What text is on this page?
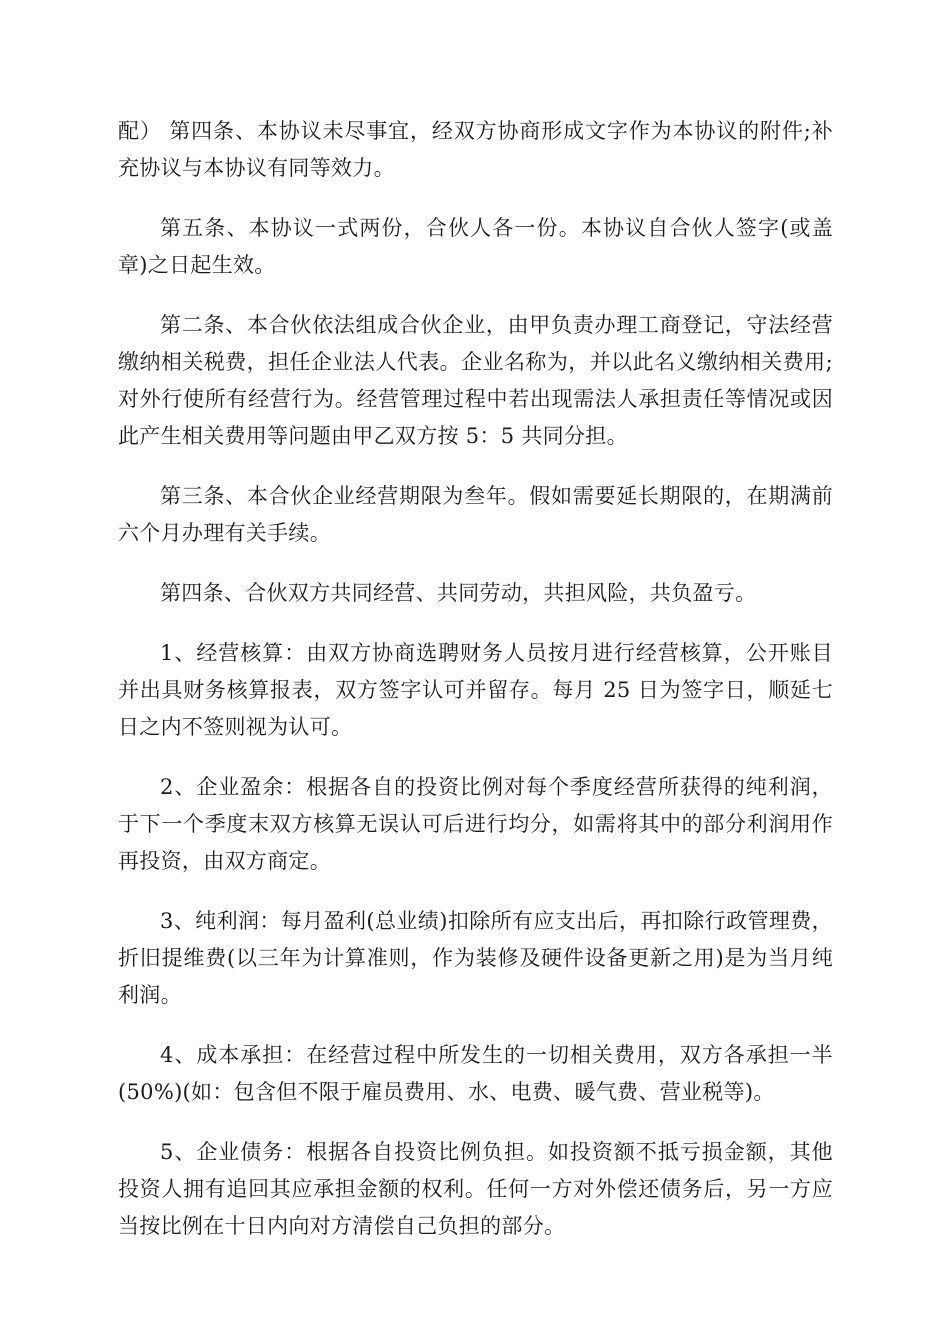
配） 第四条、本协议未尽事宜，经双方协商形成文字作为本协议的附件;补充协议与本协议有同等效力。

第五条、本协议一式两份，合伙人各一份。本协议自合伙人签字(或盖章)之日起生效。

第二条、本合伙依法组成合伙企业，由甲负责办理工商登记，守法经营缴纳相关税费，担任企业法人代表。企业名称为，并以此名义缴纳相关费用;对外行使所有经营行为。经营管理过程中若出现需法人承担责任等情况或因此产生相关费用等问题由甲乙双方按 5：5 共同分担。

第三条、本合伙企业经营期限为叁年。假如需要延长期限的，在期满前六个月办理有关手续。

第四条、合伙双方共同经营、共同劳动，共担风险，共负盈亏。

1、经营核算：由双方协商选聘财务人员按月进行经营核算，公开账目并出具财务核算报表，双方签字认可并留存。每月 25 日为签字日，顺延七日之内不签则视为认可。

2、企业盈余：根据各自的投资比例对每个季度经营所获得的纯利润，于下一个季度末双方核算无误认可后进行均分，如需将其中的部分利润用作再投资，由双方商定。

3、纯利润：每月盈利(总业绩)扣除所有应支出后，再扣除行政管理费，折旧提维费(以三年为计算准则，作为装修及硬件设备更新之用)是为当月纯利润。

4、成本承担：在经营过程中所发生的一切相关费用，双方各承担一半(50%)(如：包含但不限于雇员费用、水、电费、暖气费、营业税等)。

5、企业债务：根据各自投资比例负担。如投资额不抵亏损金额，其他投资人拥有追回其应承担金额的权利。任何一方对外偿还债务后，另一方应当按比例在十日内向对方清偿自己负担的部分。
